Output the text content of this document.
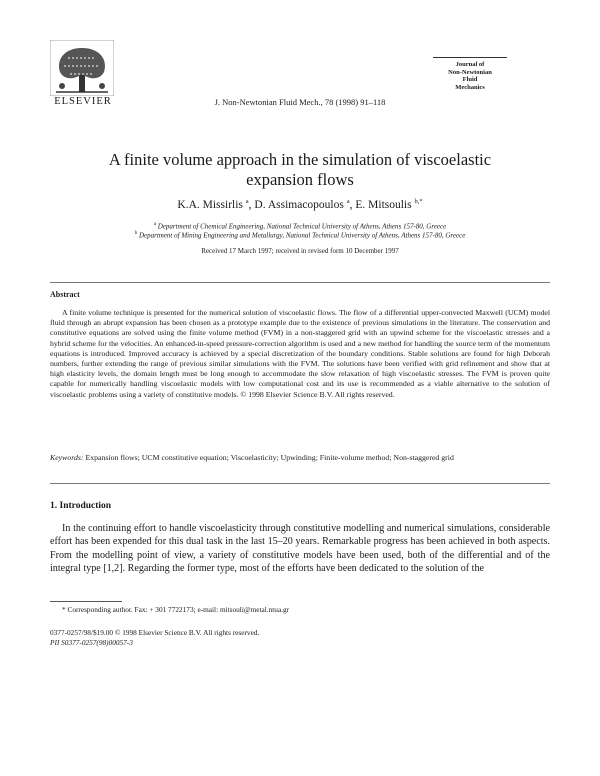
ELSEVIER	J. Non-Newtonian Fluid Mech., 78 (1998) 91–118
Journal of
Non-Newtonian
Fluid
Mechanics
A finite volume approach in the simulation of viscoelastic
expansion flows
K.A. Missirlis $^a$, D. Assimacopoulos $^a$, E. Mitsoulis $^{b,*}$
$^a$ Department of Chemical Engineering, National Technical University of Athens, Athens 157-80, Greece
$^b$ Department of Mining Engineering and Metallurgy, National Technical University of Athens, Athens 157-80, Greece
Received 17 March 1997; received in revised form 10 December 1997
Abstract
A finite volume technique is presented for the numerical solution of viscoelastic flows. The flow of a differential upper-convected Maxwell (UCM) model fluid through an abrupt expansion has been chosen as a prototype example due to the existence of previous simulations in the literature. The conservation and constitutive equations are solved using the finite volume method (FVM) in a non-staggered grid with an upwind scheme for the viscoelastic stresses and a hybrid scheme for the velocities. An enhanced-in-speed pressure-correction algorithm is used and a new method for handling the source term of the momentum equations is introduced. Improved accuracy is achieved by a special discretization of the boundary conditions. Stable solutions are found for high Deborah numbers, further extending the range of previous similar simulations with the FVM. The solutions have been verified with grid refinement and show that at high elasticity levels, the domain length must be long enough to accommodate the slow relaxation of high viscoelastic stresses. The FVM is proven quite capable for numerically handling viscoelastic models with low computational cost and its use is recommended as a viable alternative to the solution of viscoelastic problems using a variety of constitutive models. © 1998 Elsevier Science B.V. All rights reserved.
Keywords: Expansion flows; UCM constitutive equation; Viscoelasticity; Upwinding; Finite-volume method; Non-staggered grid
1. Introduction
In the continuing effort to handle viscoelasticity through constitutive modelling and numerical simulations, considerable effort has been expended for this dual task in the last 15–20 years. Remarkable progress has been achieved in both aspects. From the modelling point of view, a variety of constitutive models have been used, both of the differential and of the integral type [1,2]. Regarding the former type, most of the efforts have been dedicated to the solution of the
* Corresponding author. Fax: + 301 7722173; e-mail: mitsouli@metal.ntua.gr
0377-0257/98/$19.00 © 1998 Elsevier Science B.V. All rights reserved.
PII S0377-0257(98)00057-3
